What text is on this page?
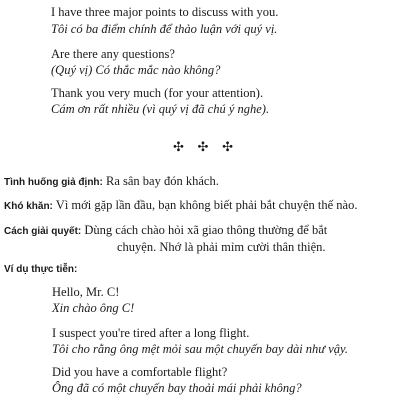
I have three major points to discuss with you.
Tôi có ba điểm chính để thảo luận với quý vị.
Are there any questions?
(Quý vị) Có thắc mắc nào không?
Thank you very much (for your attention).
Cám ơn rất nhiều (vì quý vị đã chú ý nghe).
✣ ✣ ✣
Tình huống giả định: Ra sân bay đón khách.
Khó khăn: Vì mới gặp lần đầu, bạn không biết phải bắt chuyện thế nào.
Cách giải quyết: Dùng cách chào hỏi xã giao thông thường để bắt
chuyện. Nhớ là phải mỉm cười thân thiện.
Ví dụ thực tiễn:
Hello, Mr. C!
Xin chào ông C!
I suspect you're tired after a long flight.
Tôi cho rằng ông mệt mỏi sau một chuyến bay dài như vậy.
Did you have a comfortable flight?
Ông đã có một chuyến bay thoải mái phải không?
